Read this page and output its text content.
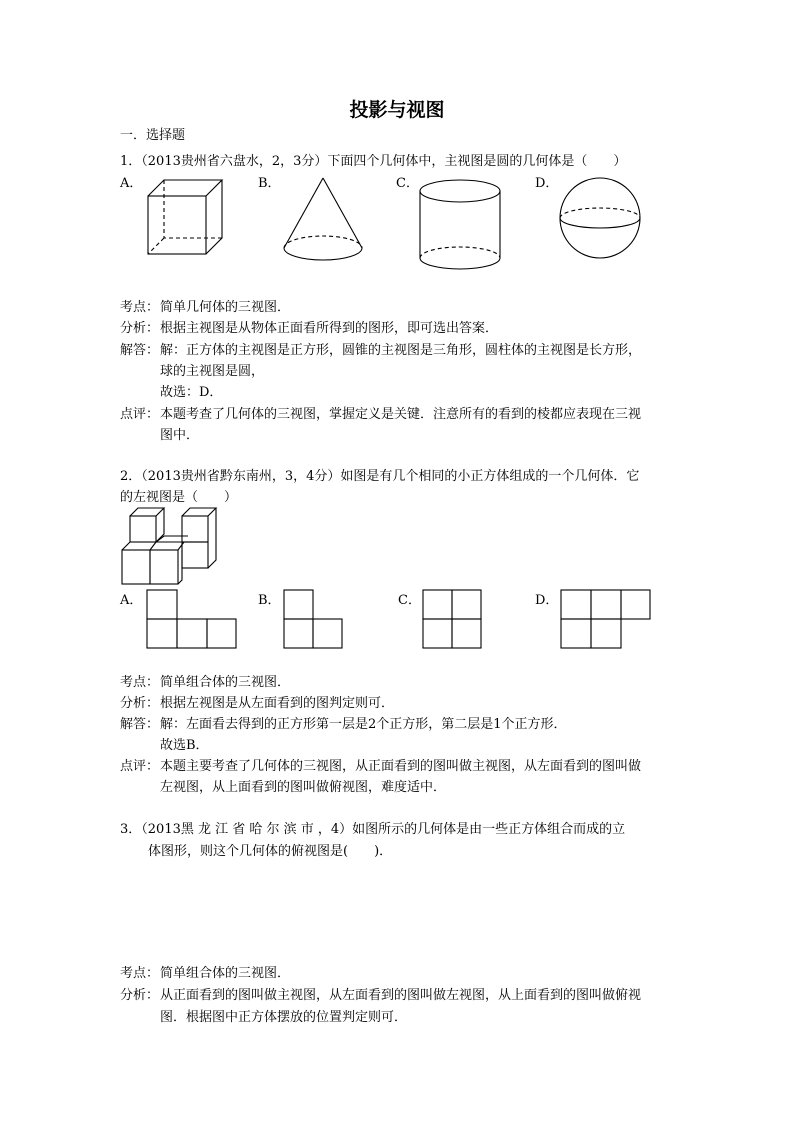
投影与视图
一．选择题
1．（2013贵州省六盘水，2，3分）下面四个几何体中，主视图是圆的几何体是（　　）
A．	B．	C．	D．
考点： 简单几何体的三视图．
分析： 根据主视图是从物体正面看所得到的图形，即可选出答案．
解答： 解：正方体的主视图是正方形，圆锥的主视图是三角形，圆柱体的主视图是长方形，
球的主视图是圆，
故选：D．
点评： 本题考查了几何体的三视图，掌握定义是关键．注意所有的看到的棱都应表现在三视
图中．
2．（2013贵州省黔东南州，3，4分）如图是有几个相同的小正方体组成的一个几何体．它
的左视图是（　　）
A．	B．	C．	D．
考点： 简单组合体的三视图．
分析： 根据左视图是从左面看到的图判定则可．
解答： 解：左面看去得到的正方形第一层是2个正方形，第二层是1个正方形．
故选B．
点评： 本题主要考查了几何体的三视图，从正面看到的图叫做主视图，从左面看到的图叫做
左视图，从上面看到的图叫做俯视图，难度适中．
3．（2013黑 龙 江 省 哈 尔 滨 市 ，4）如图所示的几何体是由一些正方体组合而成的立
体图形，则这个几何体的俯视图是(　　)．
考点： 简单组合体的三视图．
分析： 从正面看到的图叫做主视图，从左面看到的图叫做左视图，从上面看到的图叫做俯视
图．根据图中正方体摆放的位置判定则可．
